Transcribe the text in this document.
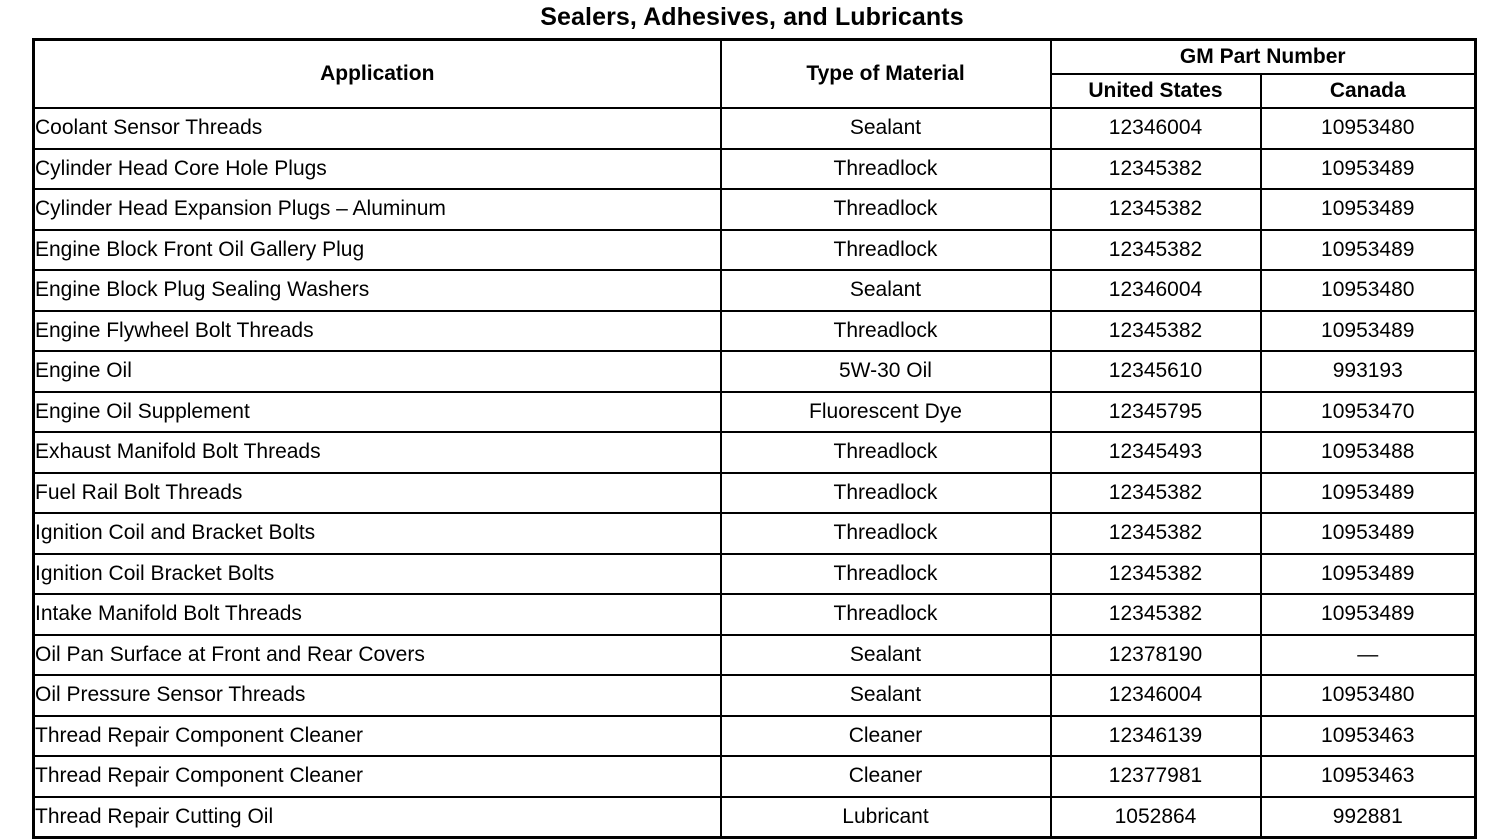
Sealers, Adhesives, and Lubricants
Application	Type of Material	GM Part Number	
		United States	Canada
Coolant Sensor Threads	Sealant	12346004	10953480
Cylinder Head Core Hole Plugs	Threadlock	12345382	10953489
Cylinder Head Expansion Plugs – Aluminum	Threadlock	12345382	10953489
Engine Block Front Oil Gallery Plug	Threadlock	12345382	10953489
Engine Block Plug Sealing Washers	Sealant	12346004	10953480
Engine Flywheel Bolt Threads	Threadlock	12345382	10953489
Engine Oil	5W-30 Oil	12345610	993193
Engine Oil Supplement	Fluorescent Dye	12345795	10953470
Exhaust Manifold Bolt Threads	Threadlock	12345493	10953488
Fuel Rail Bolt Threads	Threadlock	12345382	10953489
Ignition Coil and Bracket Bolts	Threadlock	12345382	10953489
Ignition Coil Bracket Bolts	Threadlock	12345382	10953489
Intake Manifold Bolt Threads	Threadlock	12345382	10953489
Oil Pan Surface at Front and Rear Covers	Sealant	12378190	—
Oil Pressure Sensor Threads	Sealant	12346004	10953480
Thread Repair Component Cleaner	Cleaner	12346139	10953463
Thread Repair Component Cleaner	Cleaner	12377981	10953463
Thread Repair Cutting Oil	Lubricant	1052864	992881
